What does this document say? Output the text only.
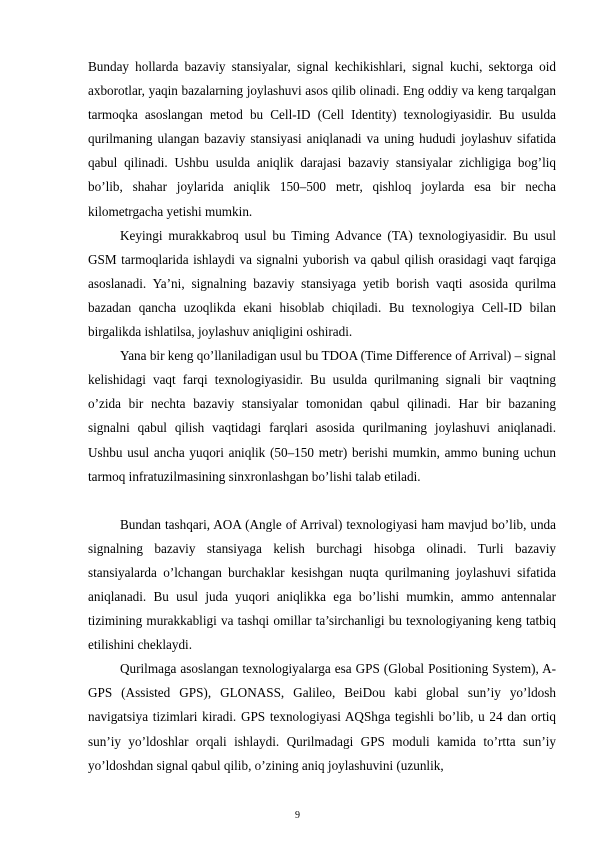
Bunday hollarda bazaviy stansiyalar, signal kechikishlari, signal kuchi, sektorga oid axborotlar, yaqin bazalarning joylashuvi asos qilib olinadi. Eng oddiy va keng tarqalgan tarmoqka asoslangan metod bu Cell-ID (Cell Identity) texnologiyasidir. Bu usulda qurilmaning ulangan bazaviy stansiyasi aniqlanadi va uning hududi joylashuv sifatida qabul qilinadi. Ushbu usulda aniqlik darajasi bazaviy stansiyalar zichligiga bog’liq bo’lib, shahar joylarida aniqlik 150–500 metr, qishloq joylarda esa bir necha kilometrgacha yetishi mumkin.

Keyingi murakkabroq usul bu Timing Advance (TA) texnologiyasidir. Bu usul GSM tarmoqlarida ishlaydi va signalni yuborish va qabul qilish orasidagi vaqt farqiga asoslanadi. Ya’ni, signalning bazaviy stansiyaga yetib borish vaqti asosida qurilma bazadan qancha uzoqlikda ekani hisoblab chiqiladi. Bu texnologiya Cell-ID bilan birgalikda ishlatilsa, joylashuv aniqligini oshiradi.

Yana bir keng qo’llaniladigan usul bu TDOA (Time Difference of Arrival) – signal kelishidagi vaqt farqi texnologiyasidir. Bu usulda qurilmaning signali bir vaqtning o’zida bir nechta bazaviy stansiyalar tomonidan qabul qilinadi. Har bir bazaning signalni qabul qilish vaqtidagi farqlari asosida qurilmaning joylashuvi aniqlanadi. Ushbu usul ancha yuqori aniqlik (50–150 metr) berishi mumkin, ammo buning uchun tarmoq infratuzilmasining sinxronlashgan bo’lishi talab etiladi.

Bundan tashqari, AOA (Angle of Arrival) texnologiyasi ham mavjud bo’lib, unda signalning bazaviy stansiyaga kelish burchagi hisobga olinadi. Turli bazaviy stansiyalarda o’lchangan burchaklar kesishgan nuqta qurilmaning joylashuvi sifatida aniqlanadi. Bu usul juda yuqori aniqlikka ega bo’lishi mumkin, ammo antennalar tizimining murakkabligi va tashqi omillar ta’sirchanligi bu texnologiyaning keng tatbiq etilishini cheklaydi.

Qurilmaga asoslangan texnologiyalarga esa GPS (Global Positioning System), A-GPS (Assisted GPS), GLONASS, Galileo, BeiDou kabi global sun’iy yo’ldosh navigatsiya tizimlari kiradi. GPS texnologiyasi AQShga tegishli bo’lib, u 24 dan ortiq sun’iy yo’ldoshlar orqali ishlaydi. Qurilmadagi GPS moduli kamida to’rtta sun’iy yo’ldoshdan signal qabul qilib, o’zining aniq joylashuvini (uzunlik,

9
